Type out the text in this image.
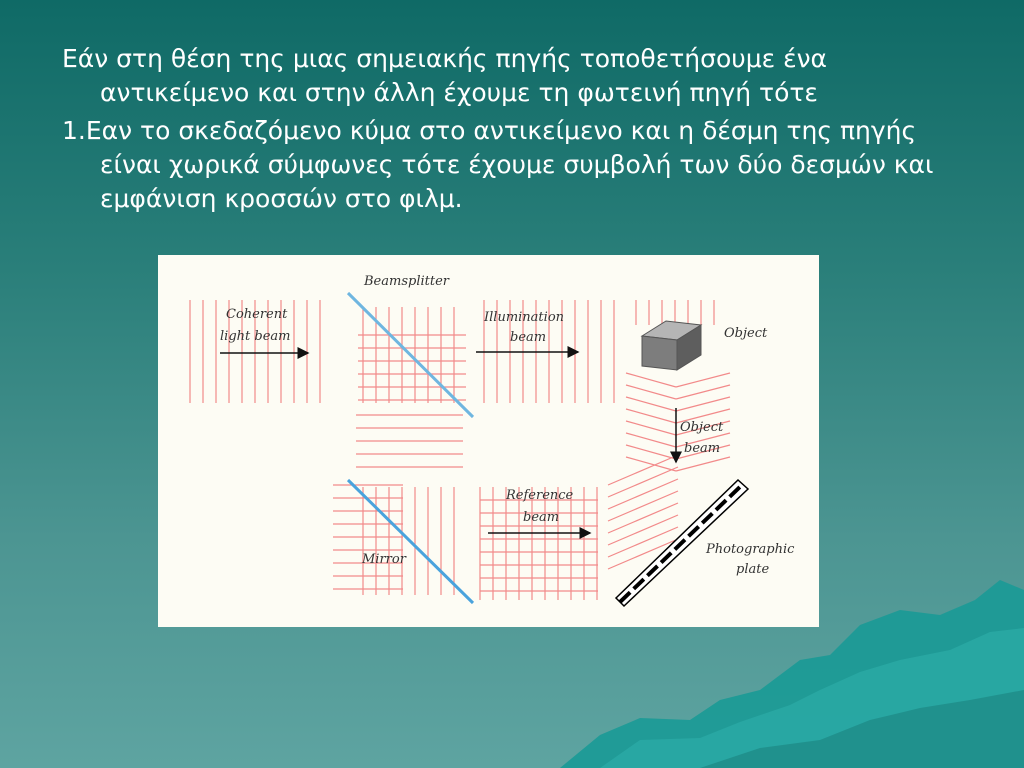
Εάν στη θέση της μιας σημειακής πηγής τοποθετήσουμε ένα αντικείμενο και στην άλλη έχουμε τη φωτεινή πηγή τότε

1.Εαν το σκεδαζόμενο κύμα στο αντικείμενο και η δέσμη της πηγής είναι χωρικά σύμφωνες τότε έχουμε συμβολή των δύο δεσμών και εμφάνιση κροσσών στο φιλμ.

Coherent
light beam
Beamsplitter
Illumination
beam	Object
Object
beam
Reference
beam
Mirror
Photographic
plate
